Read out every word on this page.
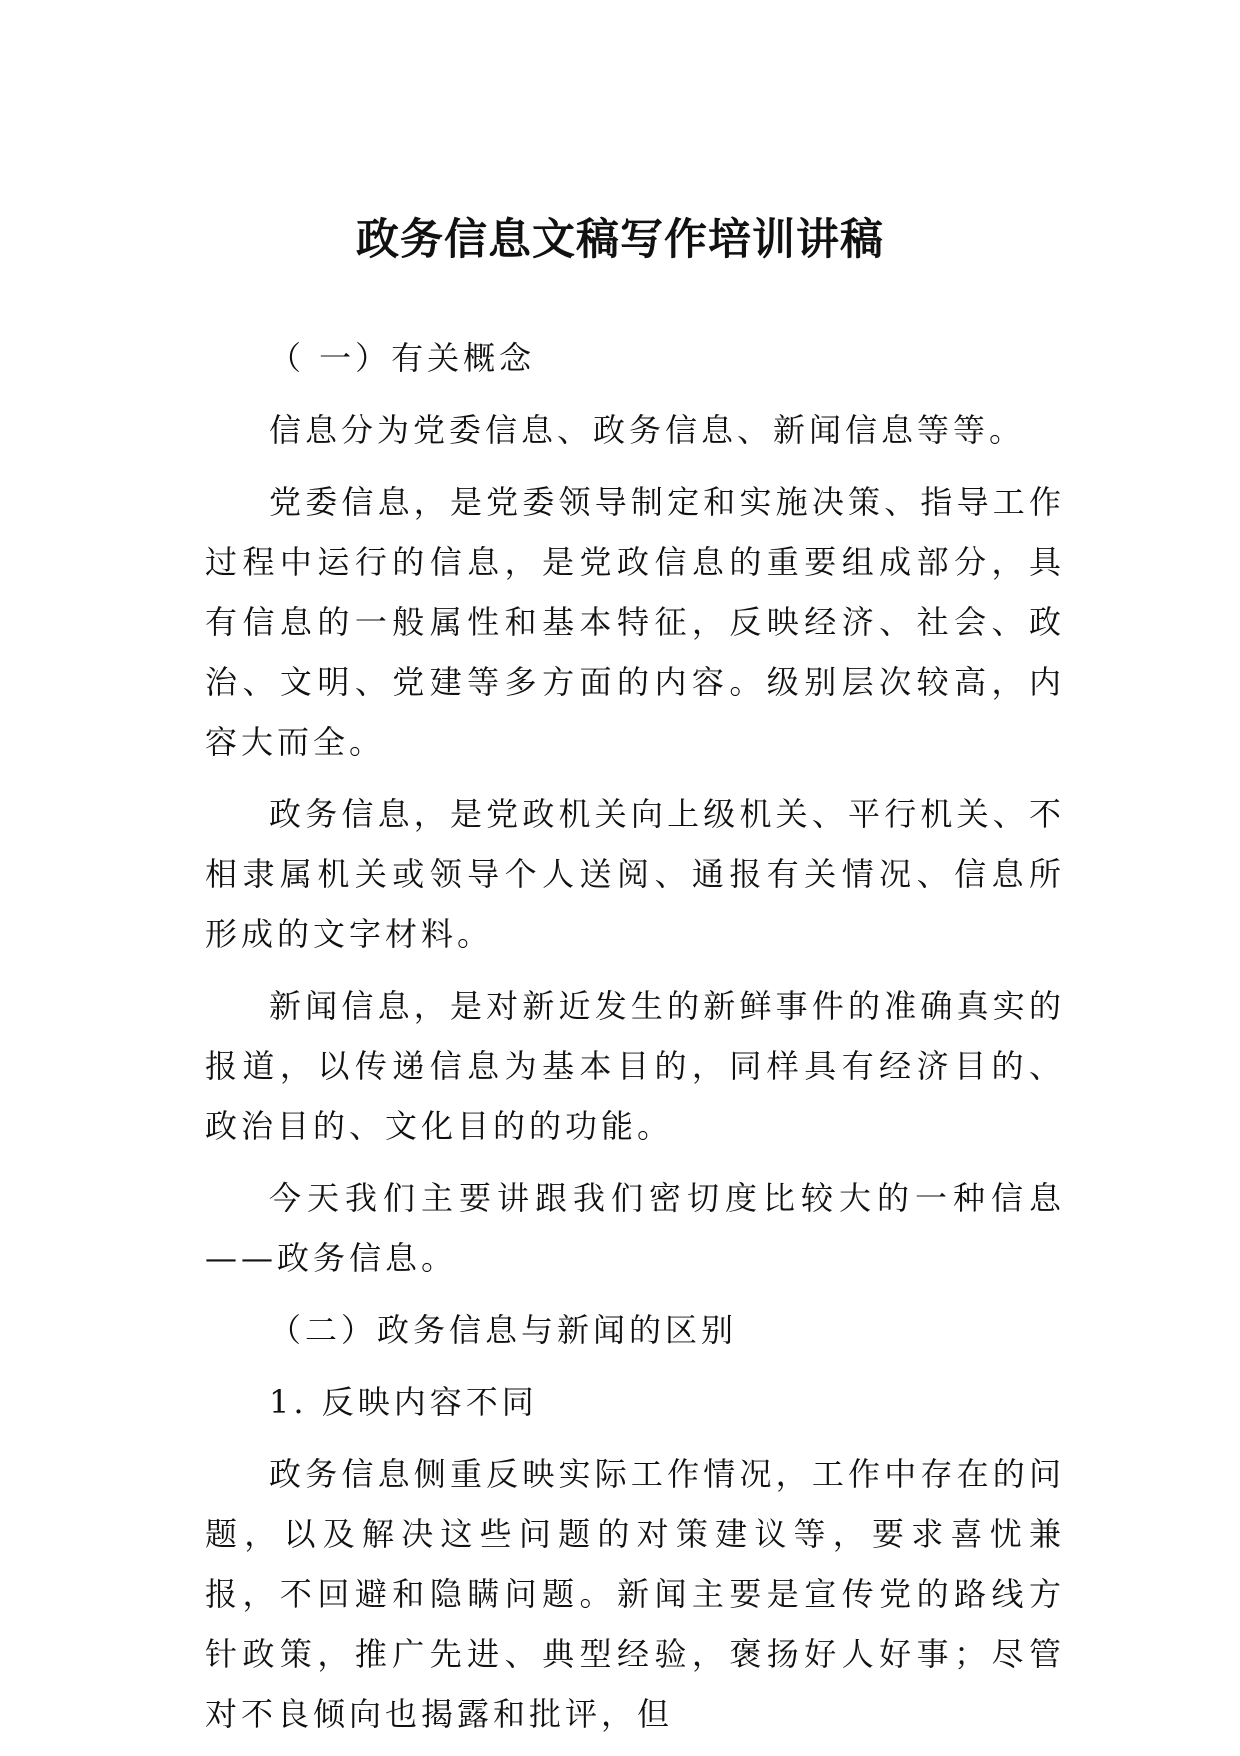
政务信息文稿写作培训讲稿

（ 一）有关概念

信息分为党委信息、政务信息、新闻信息等等。

党委信息，是党委领导制定和实施决策、指导工作过程中运行的信息，是党政信息的重要组成部分，具有信息的一般属性和基本特征，反映经济、社会、政治、文明、党建等多方面的内容。级别层次较高，内容大而全。

政务信息，是党政机关向上级机关、平行机关、不相隶属机关或领导个人送阅、通报有关情况、信息所形成的文字材料。

新闻信息，是对新近发生的新鲜事件的准确真实的报道，以传递信息为基本目的，同样具有经济目的、政治目的、文化目的的功能。

今天我们主要讲跟我们密切度比较大的一种信息——政务信息。

（二）政务信息与新闻的区别

1. 反映内容不同

政务信息侧重反映实际工作情况，工作中存在的问题，以及解决这些问题的对策建议等，要求喜忧兼报，不回避和隐瞒问题。新闻主要是宣传党的路线方针政策，推广先进、典型经验，褒扬好人好事；尽管对不良倾向也揭露和批评，但
